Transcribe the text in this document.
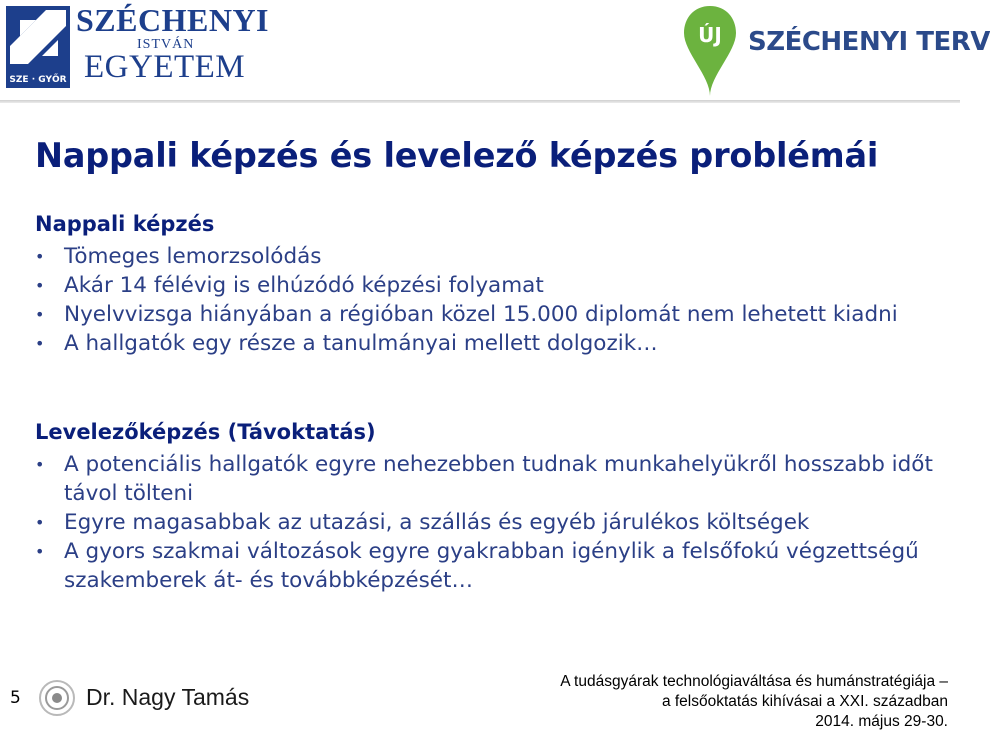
SZE · GYŐR
SZÉCHENYI
ISTVÁN
EGYETEM
ÚJ SZÉCHENYI TERV
Nappali képzés és levelező képzés problémái
Nappali képzés
• Tömeges lemorzsolódás
• Akár 14 félévig is elhúzódó képzési folyamat
• Nyelvvizsga hiányában a régióban közel 15.000 diplomát nem lehetett kiadni
• A hallgatók egy része a tanulmányai mellett dolgozik…
Levelezőképzés (Távoktatás)
• A potenciális hallgatók egyre nehezebben tudnak munkahelyükről hosszabb időt távol tölteni
• Egyre magasabbak az utazási, a szállás és egyéb járulékos költségek
• A gyors szakmai változások egyre gyakrabban igénylik a felsőfokú végzettségű szakemberek át- és továbbképzését…
5	Dr. Nagy Tamás
A tudásgyárak technológiaváltása és humánstratégiája –
a felsőoktatás kihívásai a XXI. században
2014. május 29-30.
